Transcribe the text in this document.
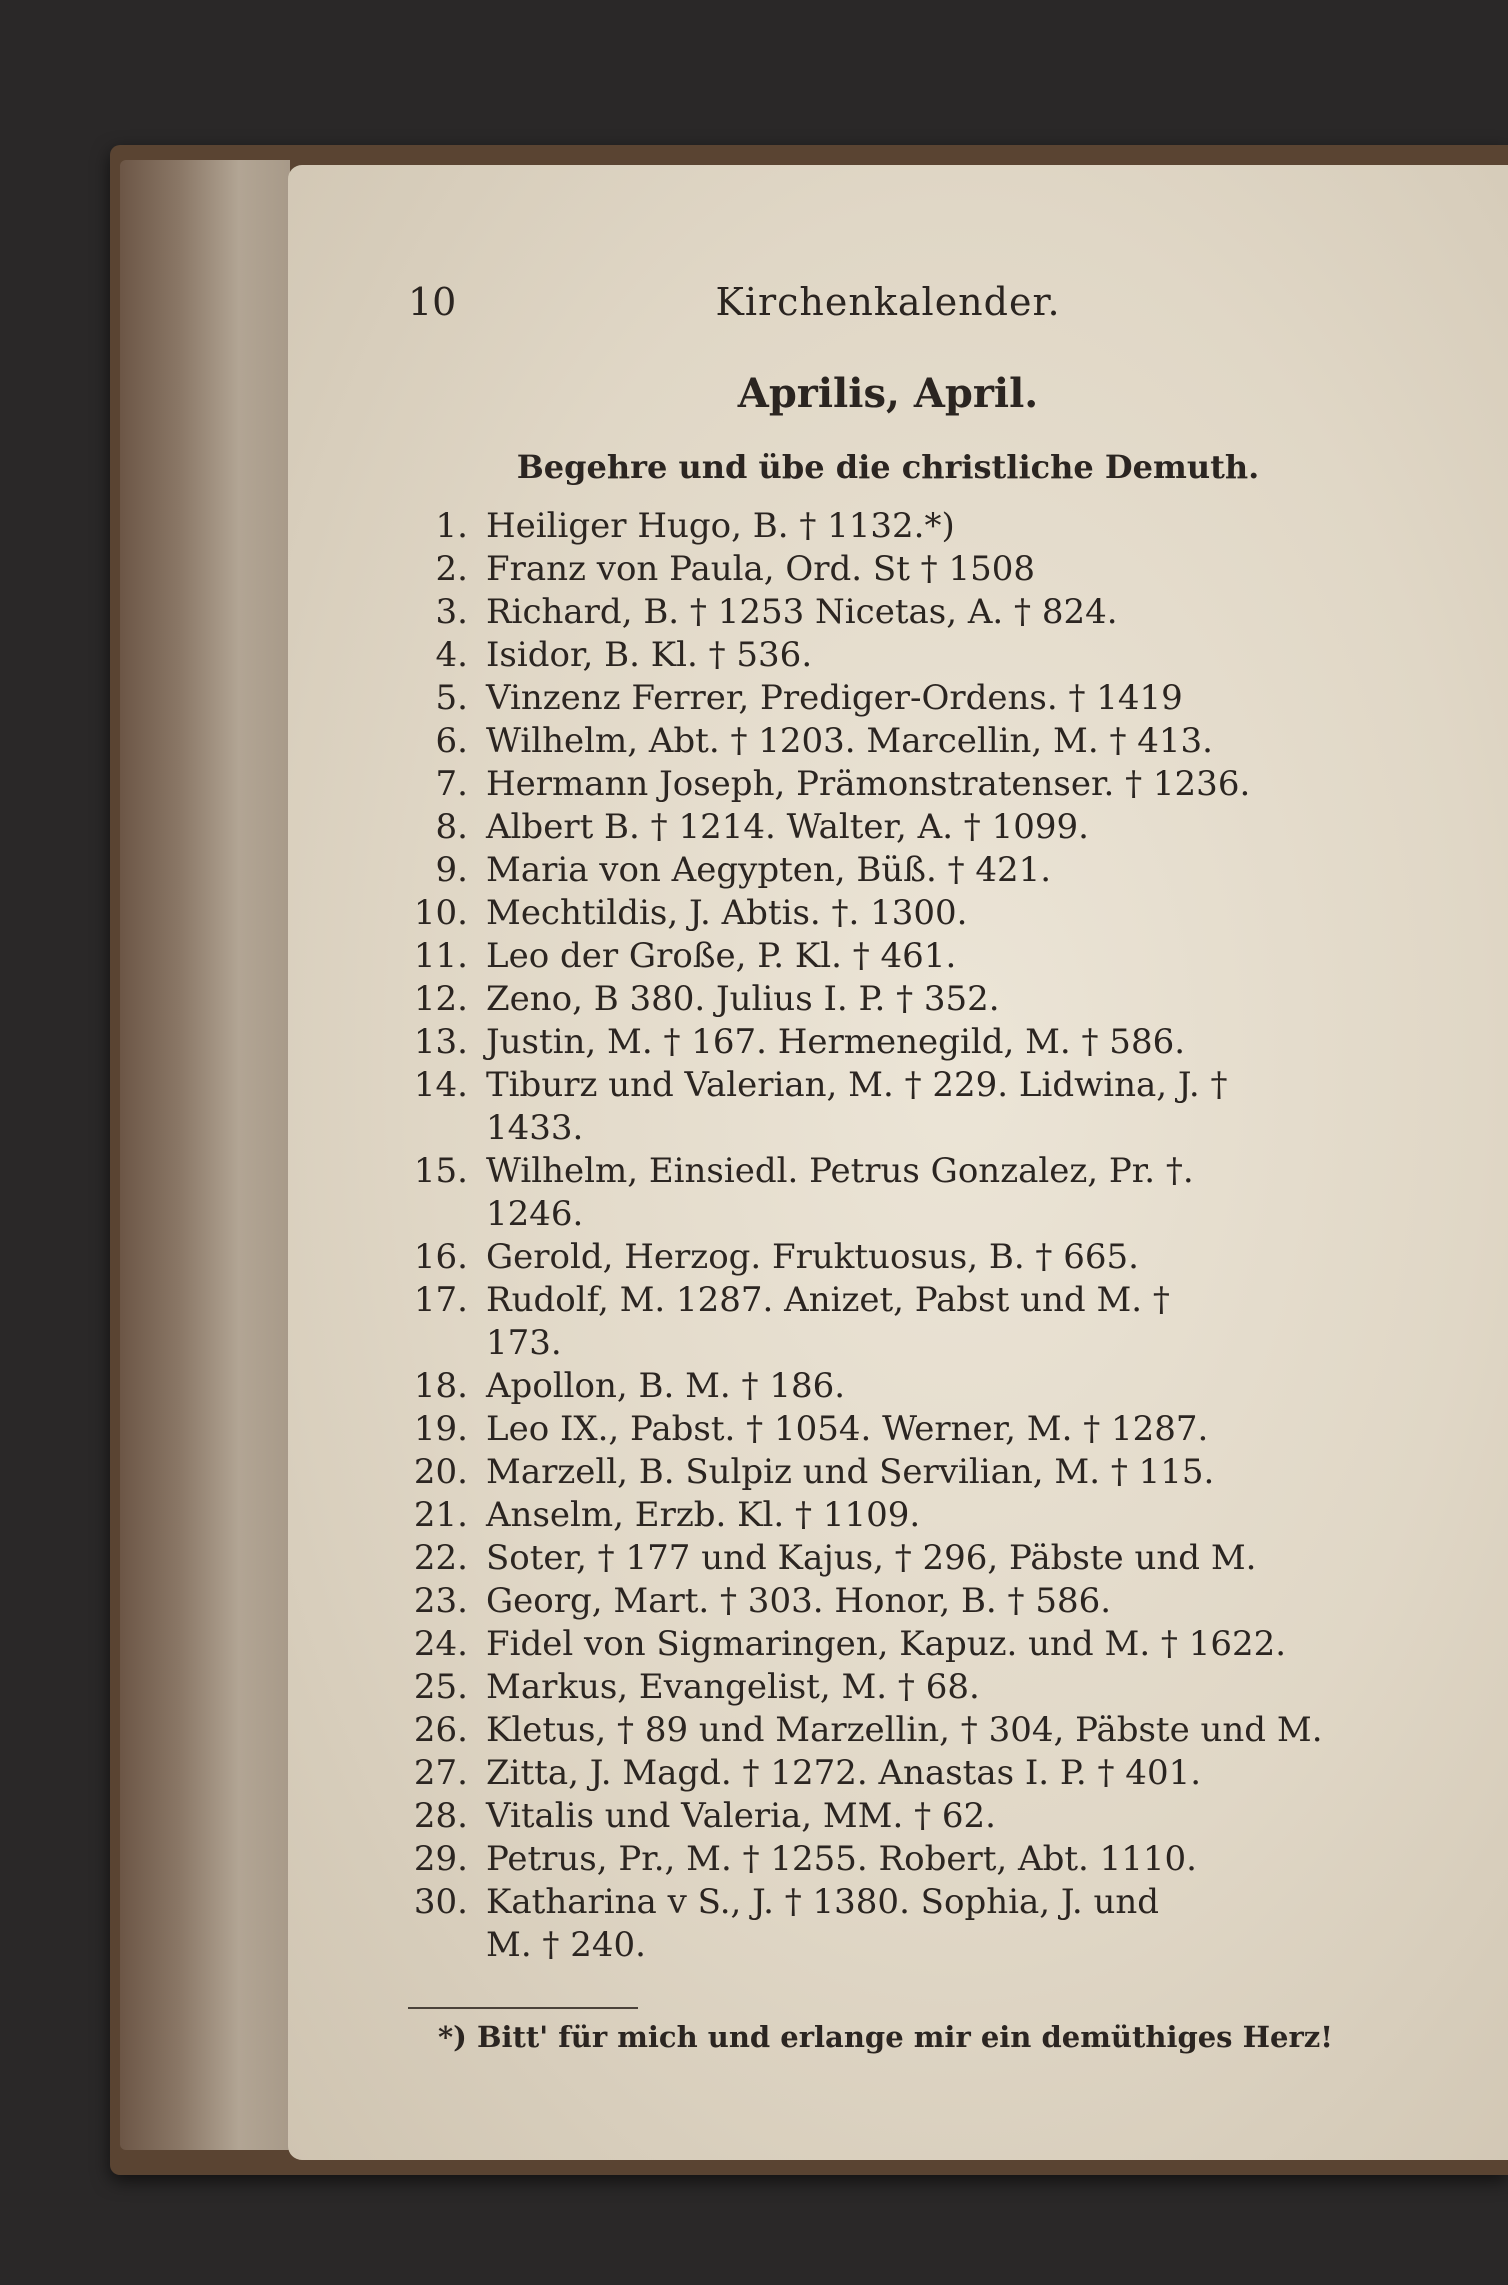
10	Kirchenkalender.
Aprilis, April.
Begehre und übe die christliche Demuth.
1. Heiliger Hugo, B. † 1132.*)
2. Franz von Paula, Ord. St † 1508
3. Richard, B. † 1253 Nicetas, A. † 824.
4. Isidor, B. Kl. † 536.
5. Vinzenz Ferrer, Prediger-Ordens. † 1419
6. Wilhelm, Abt. † 1203. Marcellin, M. † 413.
7. Hermann Joseph, Prämonstratenser. † 1236.
8. Albert B. † 1214. Walter, A. † 1099.
9. Maria von Aegypten, Büß. † 421.
10. Mechtildis, J. Abtis. †. 1300.
11. Leo der Große, P. Kl. † 461.
12. Zeno, B 380. Julius I. P. † 352.
13. Justin, M. † 167. Hermenegild, M. † 586.
14. Tiburz und Valerian, M. † 229. Lidwina, J. †
1433.
15. Wilhelm, Einsiedl. Petrus Gonzalez, Pr. †.
1246.
16. Gerold, Herzog. Fruktuosus, B. † 665.
17. Rudolf, M. 1287. Anizet, Pabst und M. †
173.
18. Apollon, B. M. † 186.
19. Leo IX., Pabst. † 1054. Werner, M. † 1287.
20. Marzell, B. Sulpiz und Servilian, M. † 115.
21. Anselm, Erzb. Kl. † 1109.
22. Soter, † 177 und Kajus, † 296, Päbste und M.
23. Georg, Mart. † 303. Honor, B. † 586.
24. Fidel von Sigmaringen, Kapuz. und M. † 1622.
25. Markus, Evangelist, M. † 68.
26. Kletus, † 89 und Marzellin, † 304, Päbste und M.
27. Zitta, J. Magd. † 1272. Anastas I. P. † 401.
28. Vitalis und Valeria, MM. † 62.
29. Petrus, Pr., M. † 1255. Robert, Abt. 1110.
30. Katharina v S., J. † 1380. Sophia, J. und
M. † 240.
*) Bitt' für mich und erlange mir ein demüthiges Herz!
